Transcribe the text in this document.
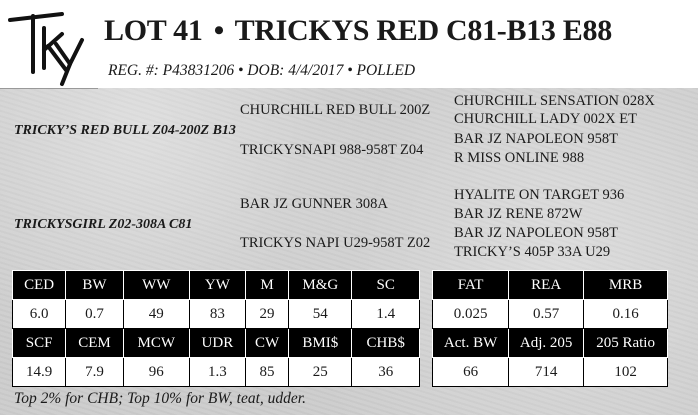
LOT 41 • TRICKYS RED C81-B13 E88
REG. #: P43831206 • DOB: 4/4/2017 • POLLED
TRICKY’S RED BULL Z04-200Z B13
CHURCHILL RED BULL 200Z
TRICKYSNAPI 988-958T Z04
CHURCHILL SENSATION 028X
CHURCHILL LADY 002X ET
BAR JZ NAPOLEON 958T
R MISS ONLINE 988
TRICKYSGIRL Z02-308A C81
BAR JZ GUNNER 308A
TRICKYS NAPI U29-958T Z02
HYALITE ON TARGET 936
BAR JZ RENE 872W
BAR JZ NAPOLEON 958T
TRICKY’S 405P 33A U29
CED	BW	WW	YW	M	M&G	SC
6.0	0.7	49	83	29	54	1.4
SCF	CEM	MCW	UDR	CW	BMI$	CHB$
14.9	7.9	96	1.3	85	25	36
FAT	REA	MRB
0.025	0.57	0.16
Act. BW	Adj. 205	205 Ratio
66	714	102
Top 2% for CHB; Top 10% for BW, teat, udder.
